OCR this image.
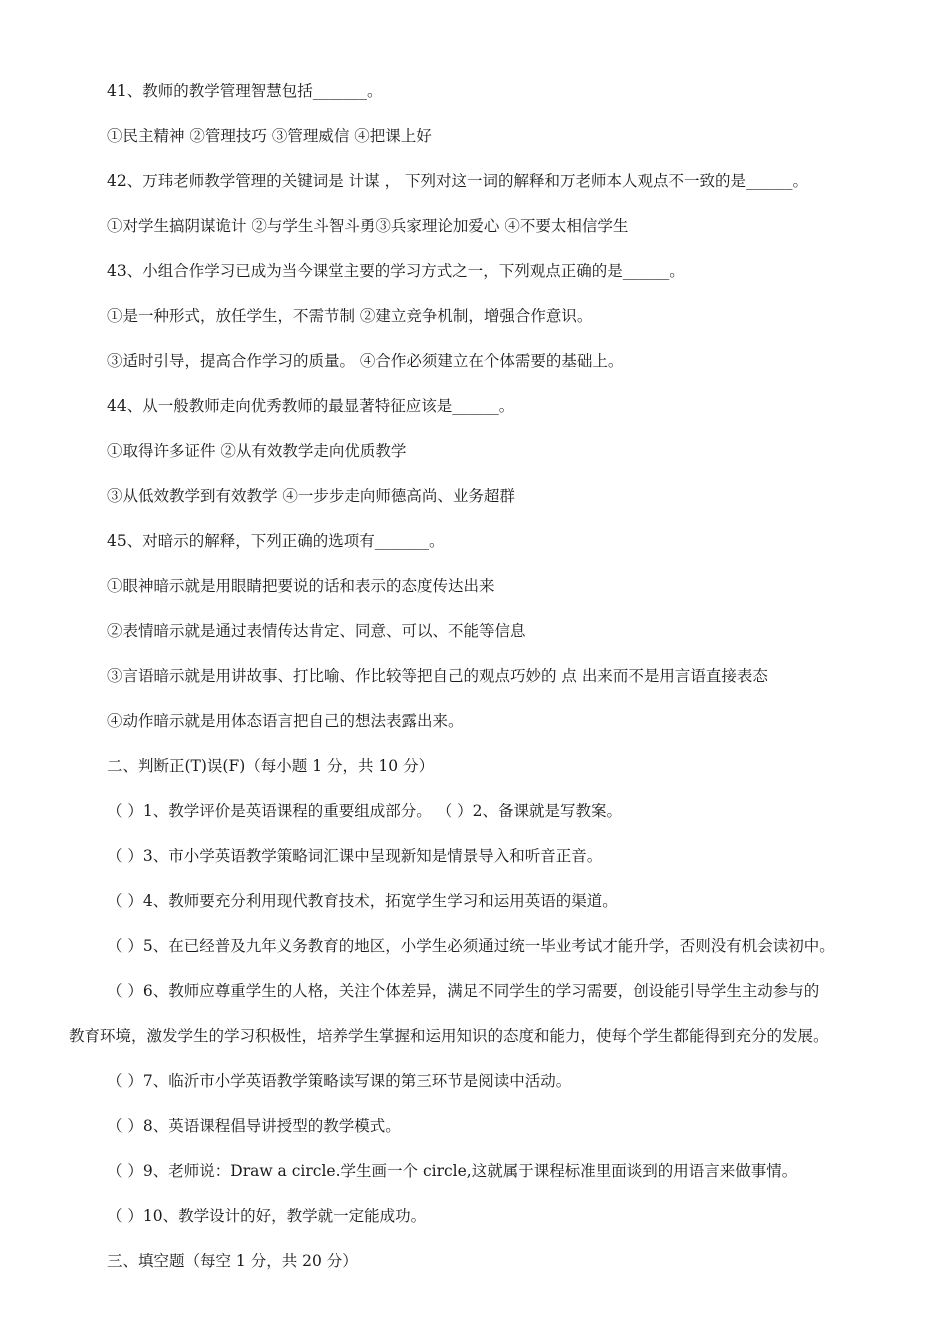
41、教师的教学管理智慧包括_______。
①民主精神 ②管理技巧 ③管理威信 ④把课上好
42、万玮老师教学管理的关键词是 计谋 ， 下列对这一词的解释和万老师本人观点不一致的是______。
①对学生搞阴谋诡计 ②与学生斗智斗勇③兵家理论加爱心 ④不要太相信学生
43、小组合作学习已成为当今课堂主要的学习方式之一，下列观点正确的是______。
①是一种形式，放任学生，不需节制 ②建立竞争机制，增强合作意识。
③适时引导，提高合作学习的质量。 ④合作必须建立在个体需要的基础上。
44、从一般教师走向优秀教师的最显著特征应该是______。
①取得许多证件 ②从有效教学走向优质教学
③从低效教学到有效教学 ④一步步走向师德高尚、业务超群
45、对暗示的解释，下列正确的选项有_______。
①眼神暗示就是用眼睛把要说的话和表示的态度传达出来
②表情暗示就是通过表情传达肯定、同意、可以、不能等信息
③言语暗示就是用讲故事、打比喻、作比较等把自己的观点巧妙的 点 出来而不是用言语直接表态
④动作暗示就是用体态语言把自己的想法表露出来。
二、判断正(T)误(F)（每小题 1 分，共 10 分）
（ ）1、教学评价是英语课程的重要组成部分。 （ ）2、备课就是写教案。
（ ）3、市小学英语教学策略词汇课中呈现新知是情景导入和听音正音。
（ ）4、教师要充分利用现代教育技术，拓宽学生学习和运用英语的渠道。
（ ）5、在已经普及九年义务教育的地区，小学生必须通过统一毕业考试才能升学，否则没有机会读初中。
（ ）6、教师应尊重学生的人格，关注个体差异，满足不同学生的学习需要，创设能引导学生主动参与的
教育环境，激发学生的学习积极性，培养学生掌握和运用知识的态度和能力，使每个学生都能得到充分的发展。
（ ）7、临沂市小学英语教学策略读写课的第三环节是阅读中活动。
（ ）8、英语课程倡导讲授型的教学模式。
（ ）9、老师说：Draw a circle.学生画一个 circle,这就属于课程标准里面谈到的用语言来做事情。
（ ）10、教学设计的好，教学就一定能成功。
三、填空题（每空 1 分，共 20 分）
